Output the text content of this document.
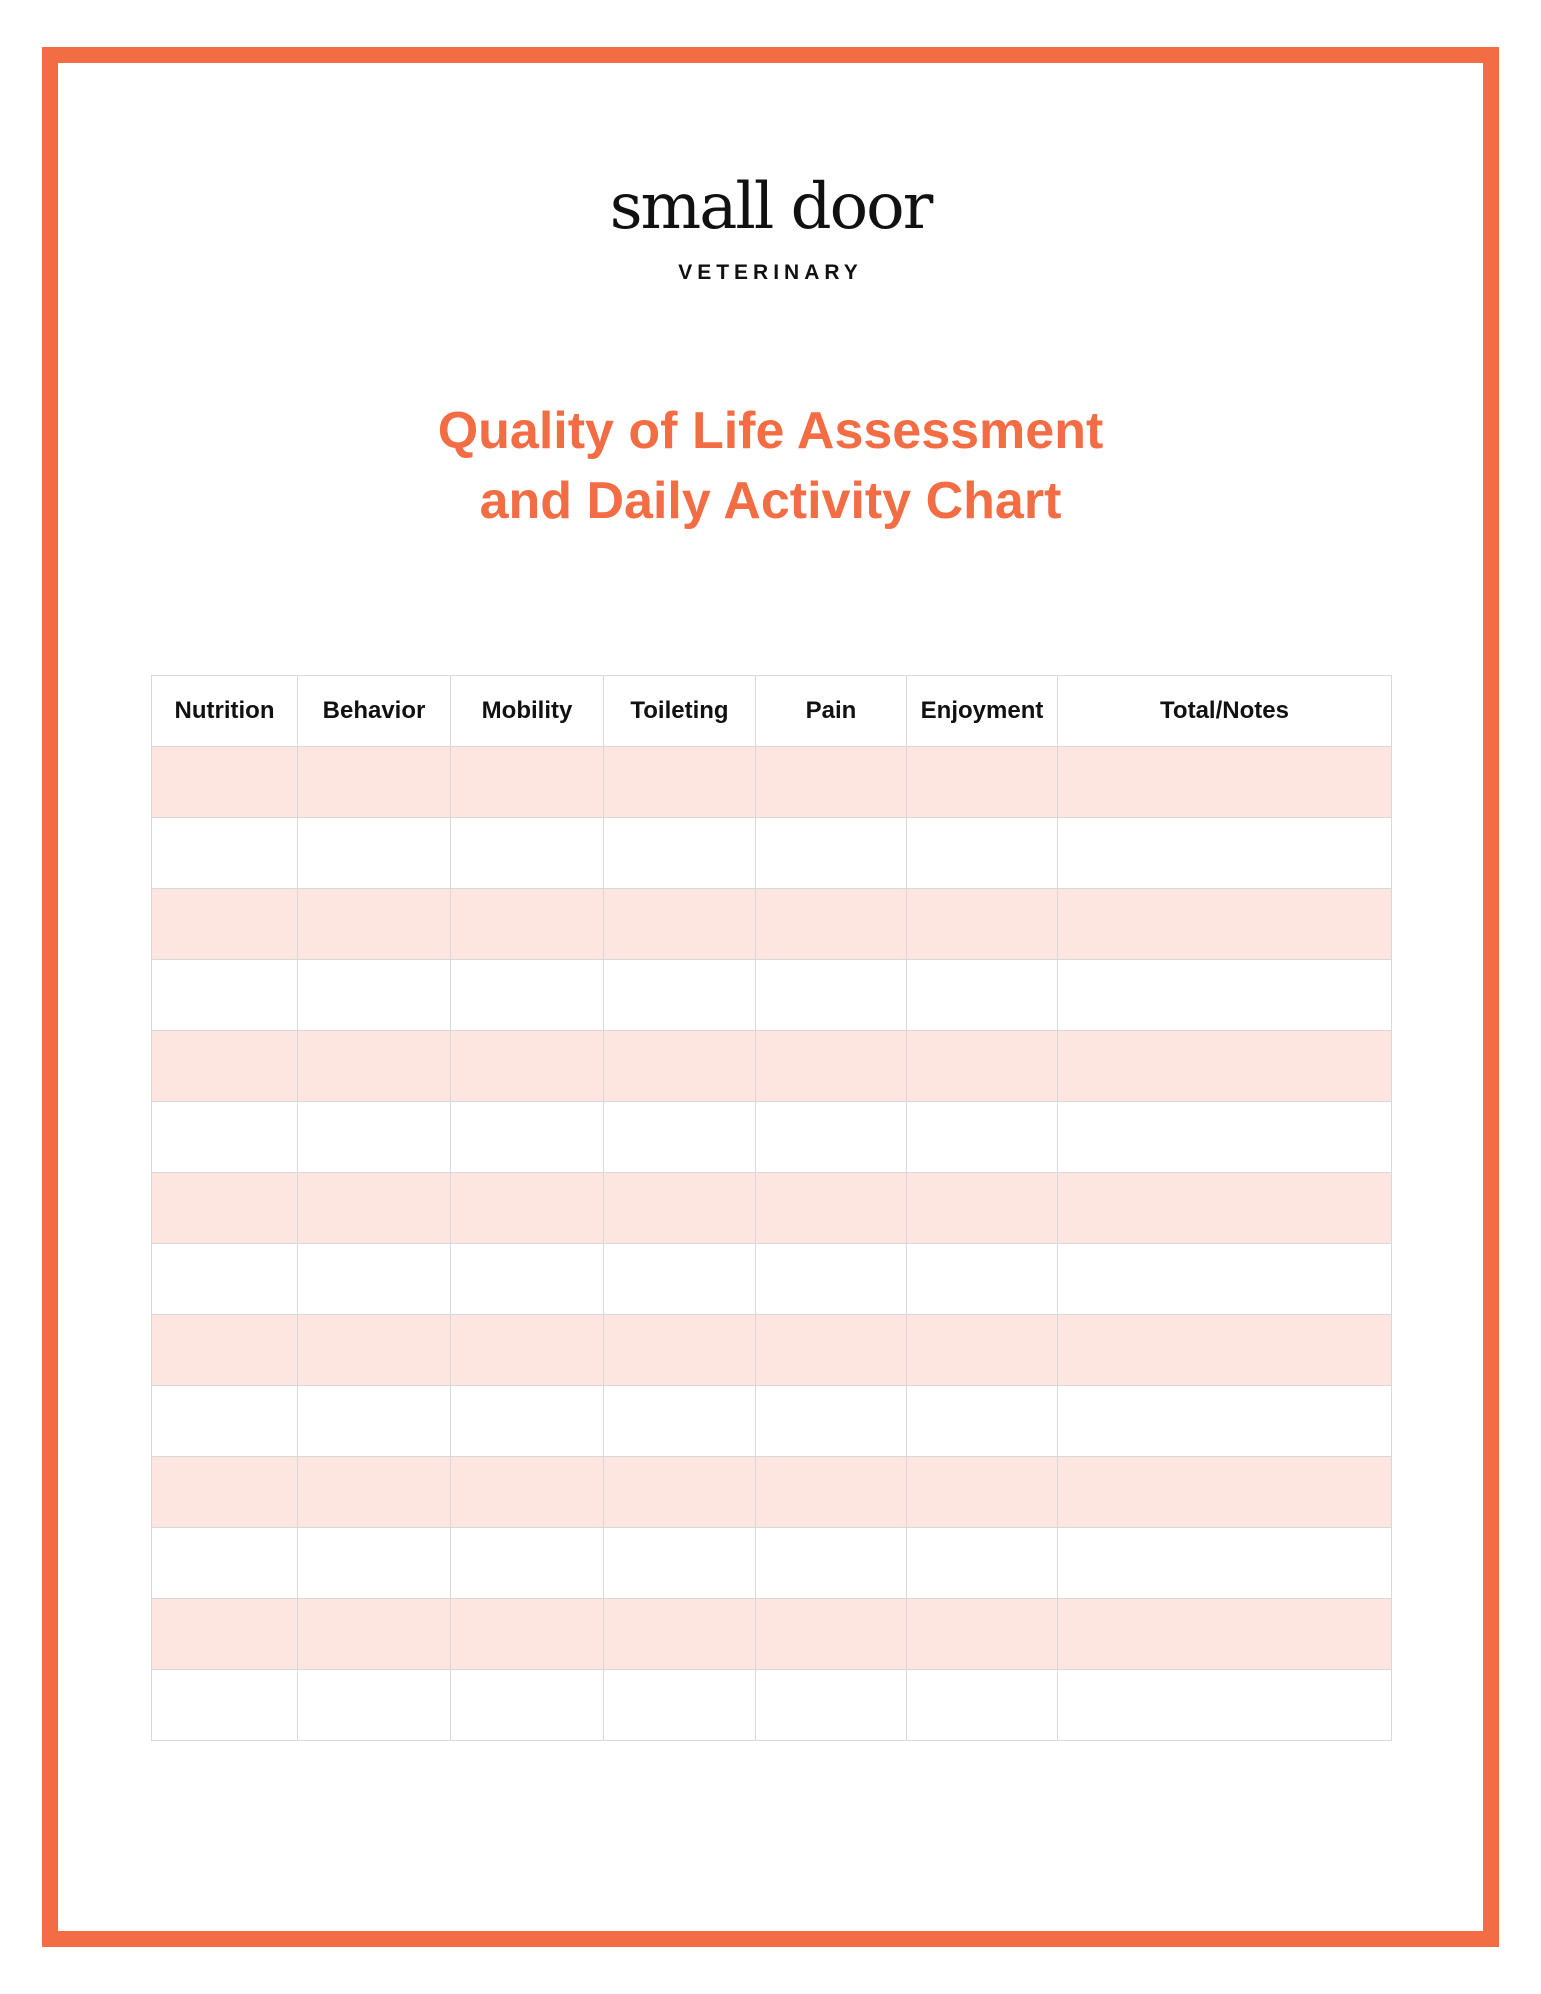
small door
VETERINARY
Quality of Life Assessment
and Daily Activity Chart
Nutrition	Behavior	Mobility	Toileting	Pain	Enjoyment	Total/Notes
